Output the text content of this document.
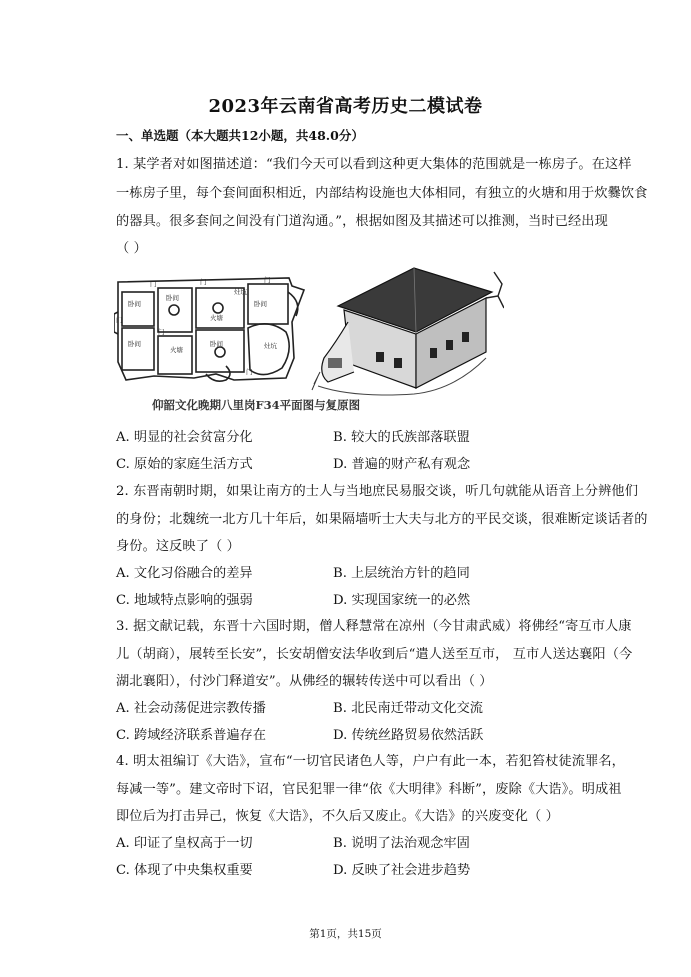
2023年云南省高考历史二模试卷
一、单选题（本大题共12小题，共48.0分）
1. 某学者对如图描述道：“我们今天可以看到这种更大集体的范围就是一栋房子。在这样
一栋房子里，每个套间面积相近，内部结构设施也大体相同，有独立的火塘和用于炊爨饮食
的器具。很多套间之间没有门道沟通。”，根据如图及其描述可以推测，当时已经出现
（ ）
门	门	门
灶坑
卧间
卧间
火塘
卧间
卧间
火塘
卧间	灶坑
门
门
门
仰韶文化晚期八里岗F34平面图与复原图
A. 明显的社会贫富分化	B. 较大的氏族部落联盟
C. 原始的家庭生活方式	D. 普遍的财产私有观念
2. 东晋南朝时期，如果让南方的士人与当地庶民易服交谈，听几句就能从语音上分辨他们
的身份；北魏统一北方几十年后，如果隔墙听士大夫与北方的平民交谈，很难断定谈话者的
身份。这反映了（ ）
A. 文化习俗融合的差异	B. 上层统治方针的趋同
C. 地域特点影响的强弱	D. 实现国家统一的必然
3. 据文献记载，东晋十六国时期，僧人释慧常在凉州（今甘肃武威）将佛经“寄互市人康
儿（胡商），展转至长安”，长安胡僧安法华收到后“遣人送至互市， 互市人送达襄阳（今
湖北襄阳），付沙门释道安”。从佛经的辗转传送中可以看出（ ）
A. 社会动荡促进宗教传播	B. 北民南迁带动文化交流
C. 跨域经济联系普遍存在	D. 传统丝路贸易依然活跃
4. 明太祖编订《大诰》，宣布“一切官民诸色人等，户户有此一本，若犯笞杖徒流罪名，
每减一等”。建文帝时下诏，官民犯罪一律“依《大明律》科断”，废除《大诰》。明成祖
即位后为打击异己，恢复《大诰》，不久后又废止。《大诰》的兴废变化（ ）
A. 印证了皇权高于一切	B. 说明了法治观念牢固
C. 体现了中央集权重要	D. 反映了社会进步趋势
第1页，共15页
